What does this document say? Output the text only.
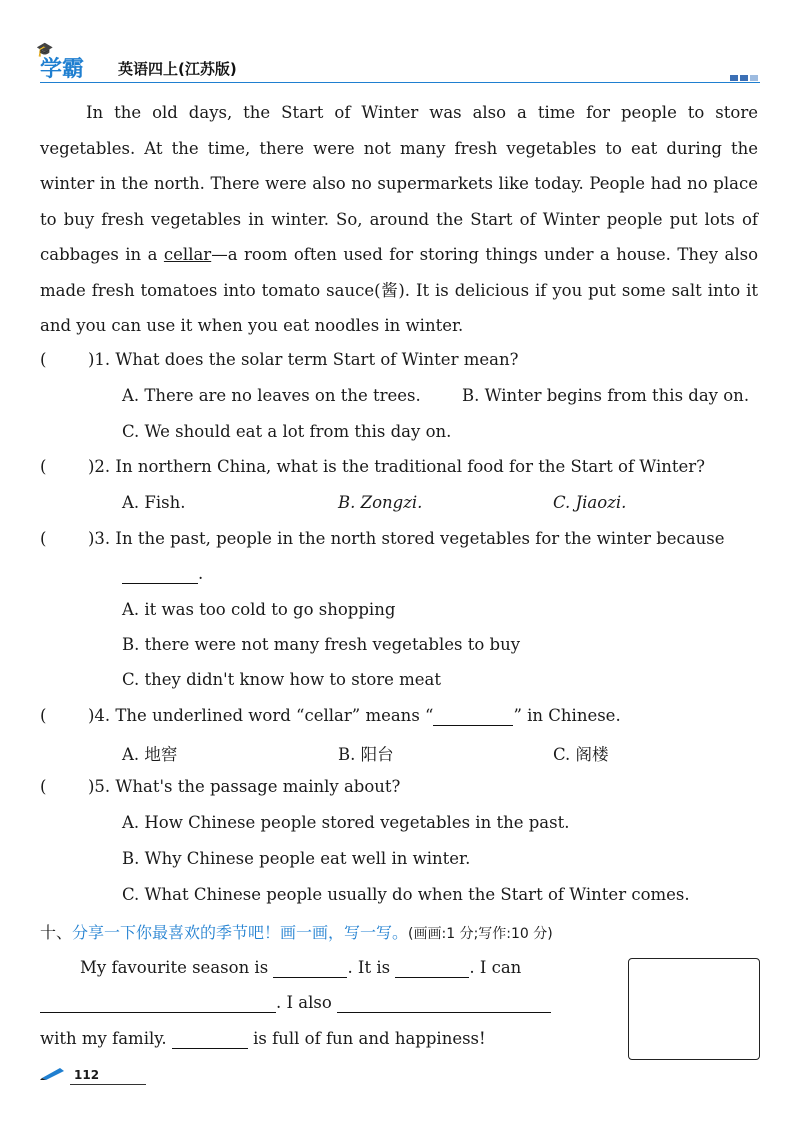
🎓
学霸 英语四上(江苏版)

In the old days, the Start of Winter was also a time for people to store vegetables. At the time, there were not many fresh vegetables to eat during the winter in the north. There were also no supermarkets like today. People had no place to buy fresh vegetables in winter. So, around the Start of Winter people put lots of cabbages in a cellar—a room often used for storing things under a house. They also made fresh tomatoes into tomato sauce(酱). It is delicious if you put some salt into it and you can use it when you eat noodles in winter.

(	)1. What does the solar term Start of Winter mean?
A. There are no leaves on the trees.	B. Winter begins from this day on.
C. We should eat a lot from this day on.
(	)2. In northern China, what is the traditional food for the Start of Winter?
A. Fish.	B. Zongzi.	C. Jiaozi.
(	)3. In the past, people in the north stored vegetables for the winter because
.
A. it was too cold to go shopping
B. there were not many fresh vegetables to buy
C. they didn't know how to store meat
(	)4. The underlined word “cellar” means “	” in Chinese.
A. 地窖	B. 阳台	C. 阁楼
(	)5. What's the passage mainly about?
A. How Chinese people stored vegetables in the past.
B. Why Chinese people eat well in winter.
C. What Chinese people usually do when the Start of Winter comes.
十、分享一下你最喜欢的季节吧！画一画，写一写。(画画:1 分;写作:10 分)
My favourite season is	. It is	. I can
. I also
with my family.	is full of fun and happiness!
112
